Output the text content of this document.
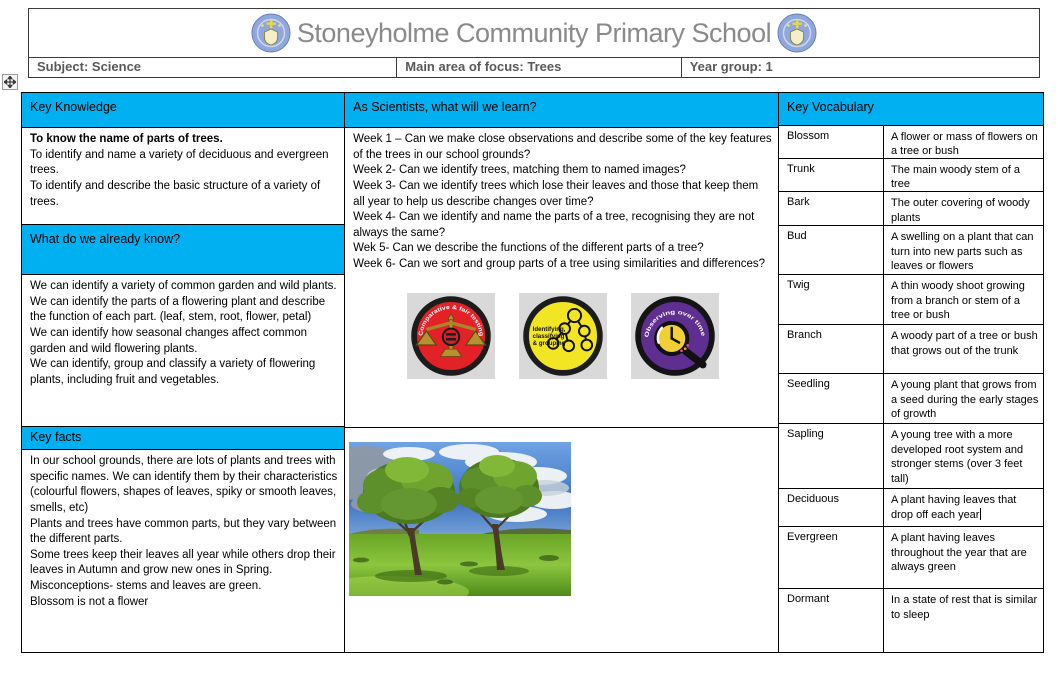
Stoneyholme Community Primary School
Subject: Science	Main area of focus: Trees	Year group: 1
Key Knowledge
To know the name of parts of trees.
To identify and name a variety of deciduous and evergreen trees.
To identify and describe the basic structure of a variety of trees.
What do we already know?
We can identify a variety of common garden and wild plants.
We can identify the parts of a flowering plant and describe the function of each part. (leaf, stem, root, flower, petal)
We can identify how seasonal changes affect common garden and wild flowering plants.
We can identify, group and classify a variety of flowering plants, including fruit and vegetables.
Key facts
In our school grounds, there are lots of plants and trees with specific names. We can identify them by their characteristics (colourful flowers, shapes of leaves, spiky or smooth leaves, smells, etc)
Plants and trees have common parts, but they vary between the different parts.
Some trees keep their leaves all year while others drop their leaves in Autumn and grow new ones in Spring.
Misconceptions- stems and leaves are green.
Blossom is not a flower
As Scientists, what will we learn?
Week 1 – Can we make close observations and describe some of the key features of the trees in our school grounds?
Week 2- Can we identify trees, matching them to named images?
Week 3- Can we identify trees which lose their leaves and those that keep them all year to help us describe changes over time?
Week 4- Can we identify and name the parts of a tree, recognising they are not always the same?
Wek 5- Can we describe the functions of the different parts of a tree?
Week 6- Can we sort and group parts of a tree using similarities and differences?
Comparative & fair testing
Identifying,
classifying
& grouping
Observing over time
Key Vocabulary
Blossom	A flower or mass of flowers on a tree or bush
Trunk	The main woody stem of a tree
Bark	The outer covering of woody plants
Bud	A swelling on a plant that can turn into new parts such as leaves or flowers
Twig	A thin woody shoot growing from a branch or stem of a tree or bush
Branch	A woody part of a tree or bush that grows out of the trunk
Seedling	A young plant that grows from a seed during the early stages of growth
Sapling	A young tree with a more developed root system and stronger stems (over 3 feet tall)
Deciduous	A plant having leaves that drop off each year
Evergreen	A plant having leaves throughout the year that are always green
Dormant	In a state of rest that is similar to sleep
